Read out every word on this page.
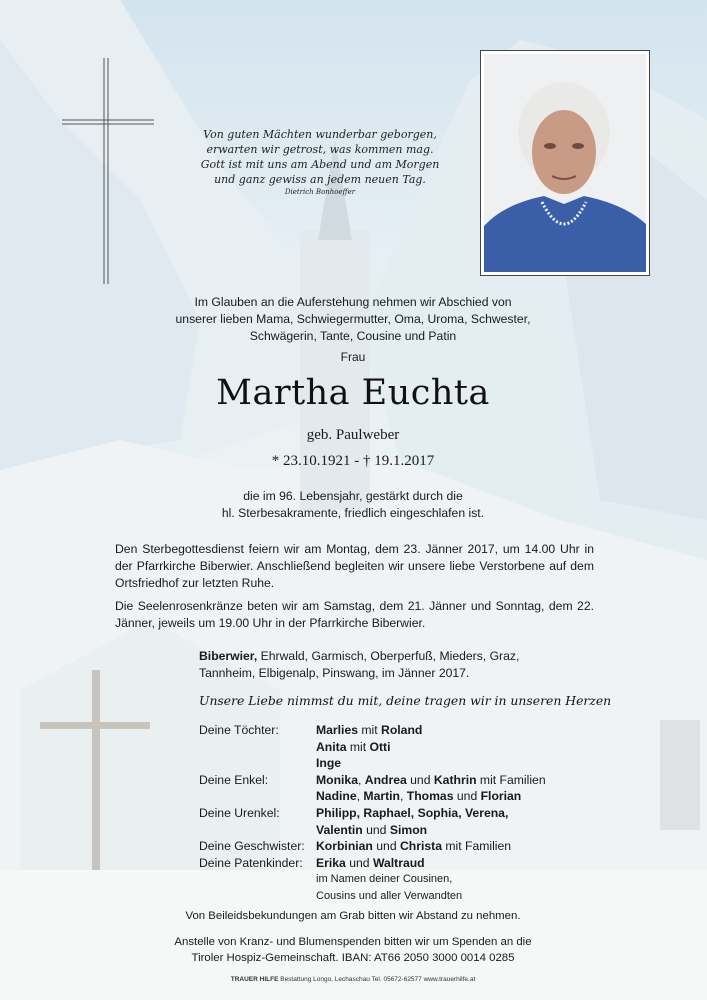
Von guten Mächten wunderbar geborgen,
erwarten wir getrost, was kommen mag.
Gott ist mit uns am Abend und am Morgen
und ganz gewiss an jedem neuen Tag.
Dietrich Bonhoeffer
Im Glauben an die Auferstehung nehmen wir Abschied von
unserer lieben Mama, Schwiegermutter, Oma, Uroma, Schwester,
Schwägerin, Tante, Cousine und Patin
Frau
Martha Euchta
geb. Paulweber
* 23.10.1921 - † 19.1.2017
die im 96. Lebensjahr, gestärkt durch die
hl. Sterbesakramente, friedlich eingeschlafen ist.
Den Sterbegottesdienst feiern wir am Montag, dem 23. Jänner 2017, um 14.00 Uhr in der Pfarrkirche Biberwier. Anschließend begleiten wir unsere liebe Verstorbene auf dem Ortsfriedhof zur letzten Ruhe.
Die Seelenrosenkränze beten wir am Samstag, dem 21. Jänner und Sonntag, dem 22. Jänner, jeweils um 19.00 Uhr in der Pfarrkirche Biberwier.
Biberwier, Ehrwald, Garmisch, Oberperfuß, Mieders, Graz,
Tannheim, Elbigenalp, Pinswang, im Jänner 2017.
Unsere Liebe nimmst du mit, deine tragen wir in unseren Herzen
Deine Töchter:	Marlies mit Roland
Anita mit Otti
Inge
Deine Enkel:	Monika, Andrea und Kathrin mit Familien
Nadine, Martin, Thomas und Florian
Deine Urenkel:	Philipp, Raphael, Sophia, Verena,
Valentin und Simon
Deine Geschwister: Korbinian und Christa mit Familien
Deine Patenkinder:	Erika und Waltraud
im Namen deiner Cousinen,
Cousins und aller Verwandten
Von Beileidsbekundungen am Grab bitten wir Abstand zu nehmen.
Anstelle von Kranz- und Blumenspenden bitten wir um Spenden an die
Tiroler Hospiz-Gemeinschaft. IBAN: AT66 2050 3000 0014 0285
TRAUER HILFE Bestattung Longo, Lechaschau Tel. 05672-62577 www.trauerhilfe.at
